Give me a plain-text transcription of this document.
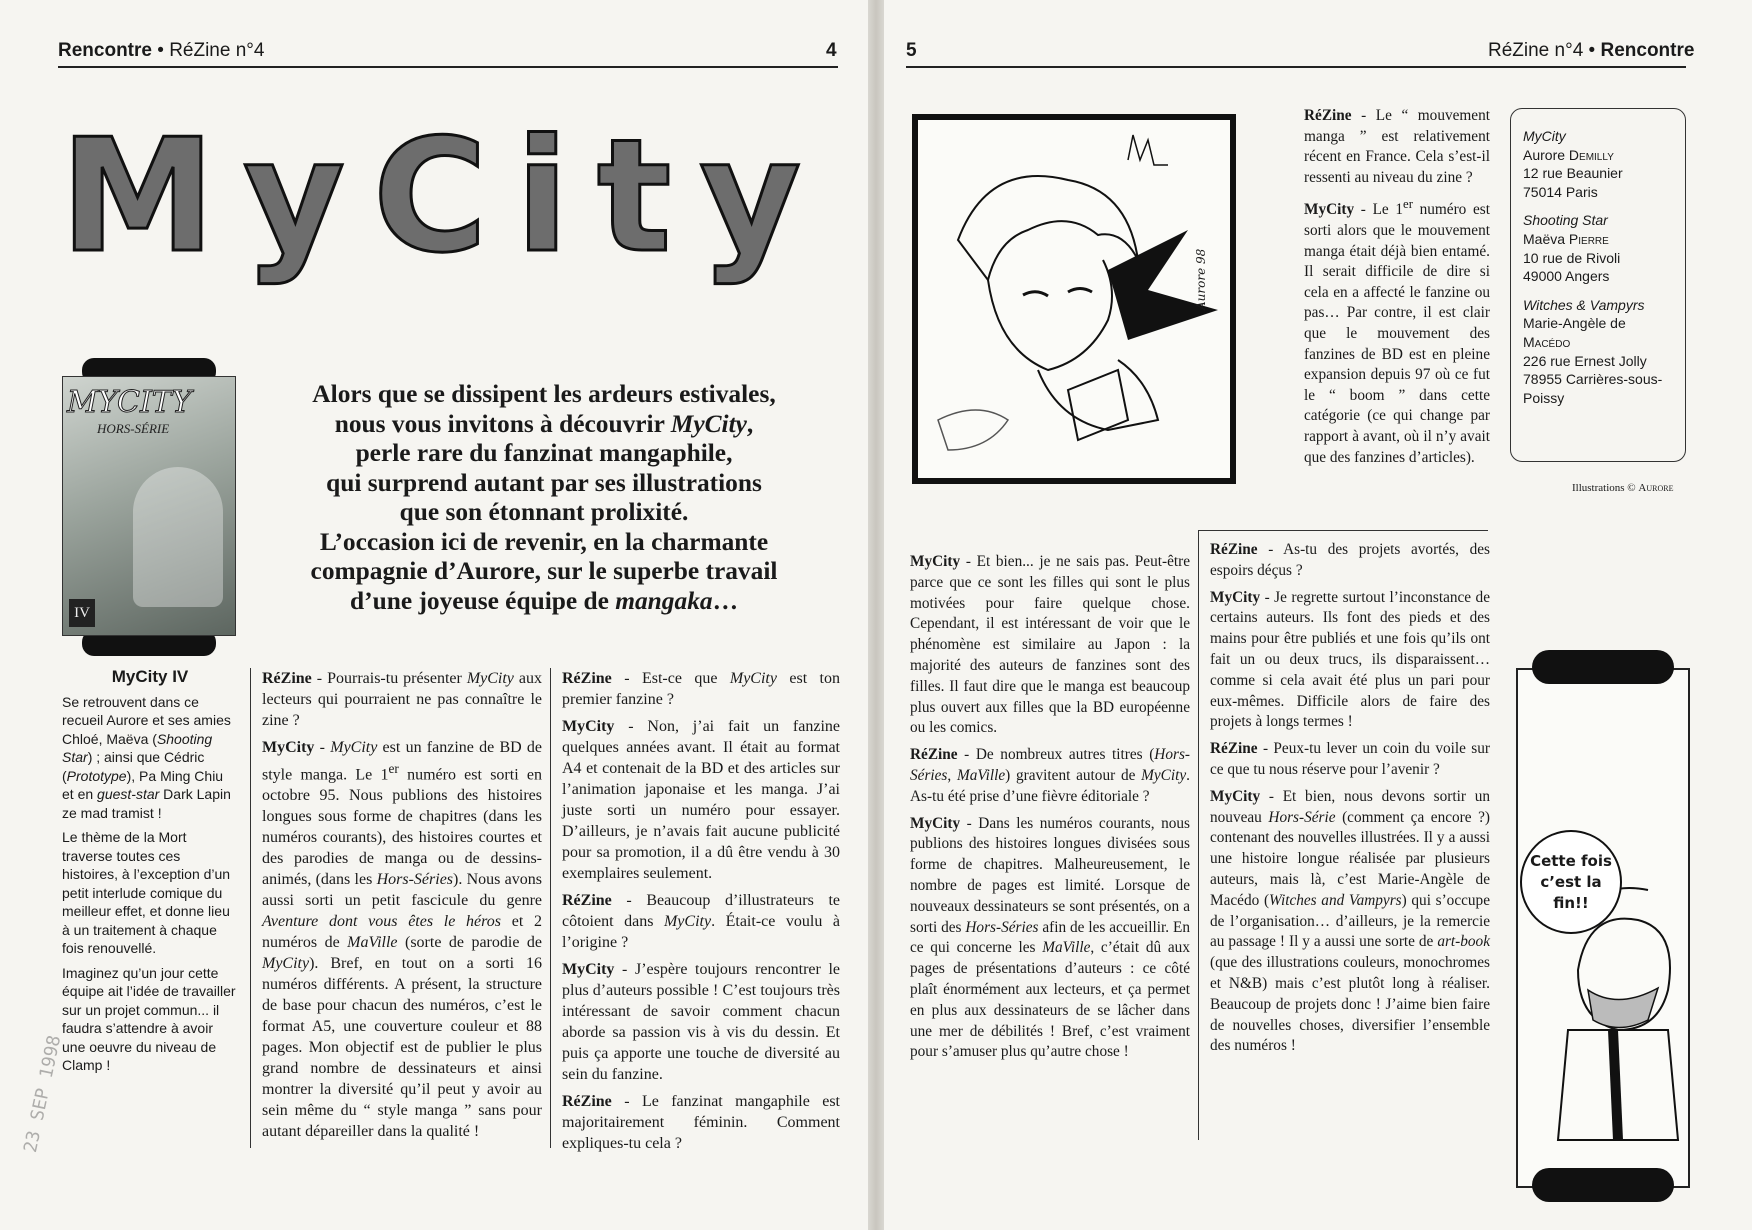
Rencontre • RéZine n°4	4
MyCity
MYCITY
HORS-SÉRIE
IV
Alors que se dissipent les ardeurs estivales,
nous vous invitons à découvrir MyCity,
perle rare du fanzinat mangaphile,
qui surprend autant par ses illustrations
que son étonnant prolixité.
L’occasion ici de revenir, en la charmante
compagnie d’Aurore, sur le superbe travail
d’une joyeuse équipe de mangaka…
MyCity IV

Se retrouvent dans ce recueil Aurore et ses amies Chloé, Maëva (Shooting Star) ; ainsi que Cédric (Prototype), Pa Ming Chiu et en guest-star Dark Lapin ze mad tramist !

Le thème de la Mort traverse toutes ces histoires, à l’exception d’un petit interlude comique du meilleur effet, et donne lieu à un traitement à chaque fois renouvellé.

Imaginez qu’un jour cette équipe ait l’idée de travailler sur un projet commun... il faudra s’attendre à avoir une oeuvre du niveau de Clamp !

RéZine - Pourrais-tu présenter MyCity aux lecteurs qui pourraient ne pas connaître le zine ?

MyCity - MyCity est un fanzine de BD de style manga. Le 1er numéro est sorti en octobre 95. Nous publions des histoires longues sous forme de chapitres (dans les numéros courants), des histoires courtes et des parodies de manga ou de dessins-animés, (dans les Hors-Séries). Nous avons aussi sorti un petit fascicule du genre Aventure dont vous êtes le héros et 2 numéros de MaVille (sorte de parodie de MyCity). Bref, en tout on a sorti 16 numéros différents. A présent, la structure de base pour chacun des numéros, c’est le format A5, une couverture couleur et 88 pages. Mon objectif est de publier le plus grand nombre de dessinateurs et ainsi montrer la diversité qu’il peut y avoir au sein même du “ style manga ” sans pour autant dépareiller dans la qualité !

RéZine - Est-ce que MyCity est ton premier fanzine ?

MyCity - Non, j’ai fait un fanzine quelques années avant. Il était au format A4 et contenait de la BD et des articles sur l’animation japonaise et les manga. J’ai juste sorti un numéro pour essayer. D’ailleurs, je n’avais fait aucune publicité pour sa promotion, il a dû être vendu à 30 exemplaires seulement.

RéZine - Beaucoup d’illustrateurs te côtoient dans MyCity. Était-ce voulu à l’origine ?

MyCity - J’espère toujours rencontrer le plus d’auteurs possible ! C’est toujours très intéressant de savoir comment chacun aborde sa passion vis à vis du dessin. Et puis ça apporte une touche de diversité au sein du fanzine.

RéZine - Le fanzinat mangaphile est majoritairement féminin. Comment expliques-tu cela ?

23 SEP 1998
5	RéZine n°4 • Rencontre
Aurore 98

RéZine - Le “ mouvement manga ” est relativement récent en France. Cela s’est-il ressenti au niveau du zine ?

MyCity - Le 1er numéro est sorti alors que le mouvement manga était déjà bien entamé. Il serait difficile de dire si cela en a affecté le fanzine ou pas… Par contre, il est clair que le mouvement des fanzines de BD est en pleine expansion depuis 97 où ce fut le “ boom ” dans cette catégorie (ce qui change par rapport à avant, où il n’y avait que des fanzines d’articles).

MyCity
Aurore Demilly
12 rue Beaunier
75014 Paris

Shooting Star
Maëva Pierre
10 rue de Rivoli
49000 Angers

Witches & Vampyrs
Marie-Angèle de Macédo
226 rue Ernest Jolly
78955 Carrières-sous-Poissy

Illustrations © Aurore

MyCity - Et bien... je ne sais pas. Peut-être parce que ce sont les filles qui sont le plus motivées pour faire quelque chose. Cependant, il est intéressant de voir que le phénomène est similaire au Japon : la majorité des auteurs de fanzines sont des filles. Il faut dire que le manga est beaucoup plus ouvert aux filles que la BD européenne ou les comics.

RéZine - De nombreux autres titres (Hors-Séries, MaVille) gravitent autour de MyCity. As-tu été prise d’une fièvre éditoriale ?

MyCity - Dans les numéros courants, nous publions des histoires longues divisées sous forme de chapitres. Malheureusement, le nombre de pages est limité. Lorsque de nouveaux dessinateurs se sont présentés, on a sorti des Hors-Séries afin de les accueillir. En ce qui concerne les MaVille, c’était dû aux pages de présentations d’auteurs : ce côté plaît énormément aux lecteurs, et ça permet en plus aux dessinateurs de se lâcher dans une mer de débilités ! Bref, c’est vraiment pour s’amuser plus qu’autre chose !

RéZine - As-tu des projets avortés, des espoirs déçus ?

MyCity - Je regrette surtout l’inconstance de certains auteurs. Ils font des pieds et des mains pour être publiés et une fois qu’ils ont fait un ou deux trucs, ils disparaissent… comme si cela avait été plus un pari pour eux-mêmes. Difficile alors de faire des projets à longs termes !

RéZine - Peux-tu lever un coin du voile sur ce que tu nous réserve pour l’avenir ?

MyCity - Et bien, nous devons sortir un nouveau Hors-Série (comment ça encore ?) contenant des nouvelles illustrées. Il y a aussi une histoire longue réalisée par plusieurs auteurs, mais là, c’est Marie-Angèle de Macédo (Witches and Vampyrs) qui s’occupe de l’organisation… d’ailleurs, je la remercie au passage ! Il y a aussi une sorte de art-book (que des illustrations couleurs, monochromes et N&B) mais c’est plutôt long à réaliser. Beaucoup de projets donc ! J’aime bien faire de nouvelles choses, diversifier l’ensemble des numéros !

Cette fois
c’est la
fin!!
